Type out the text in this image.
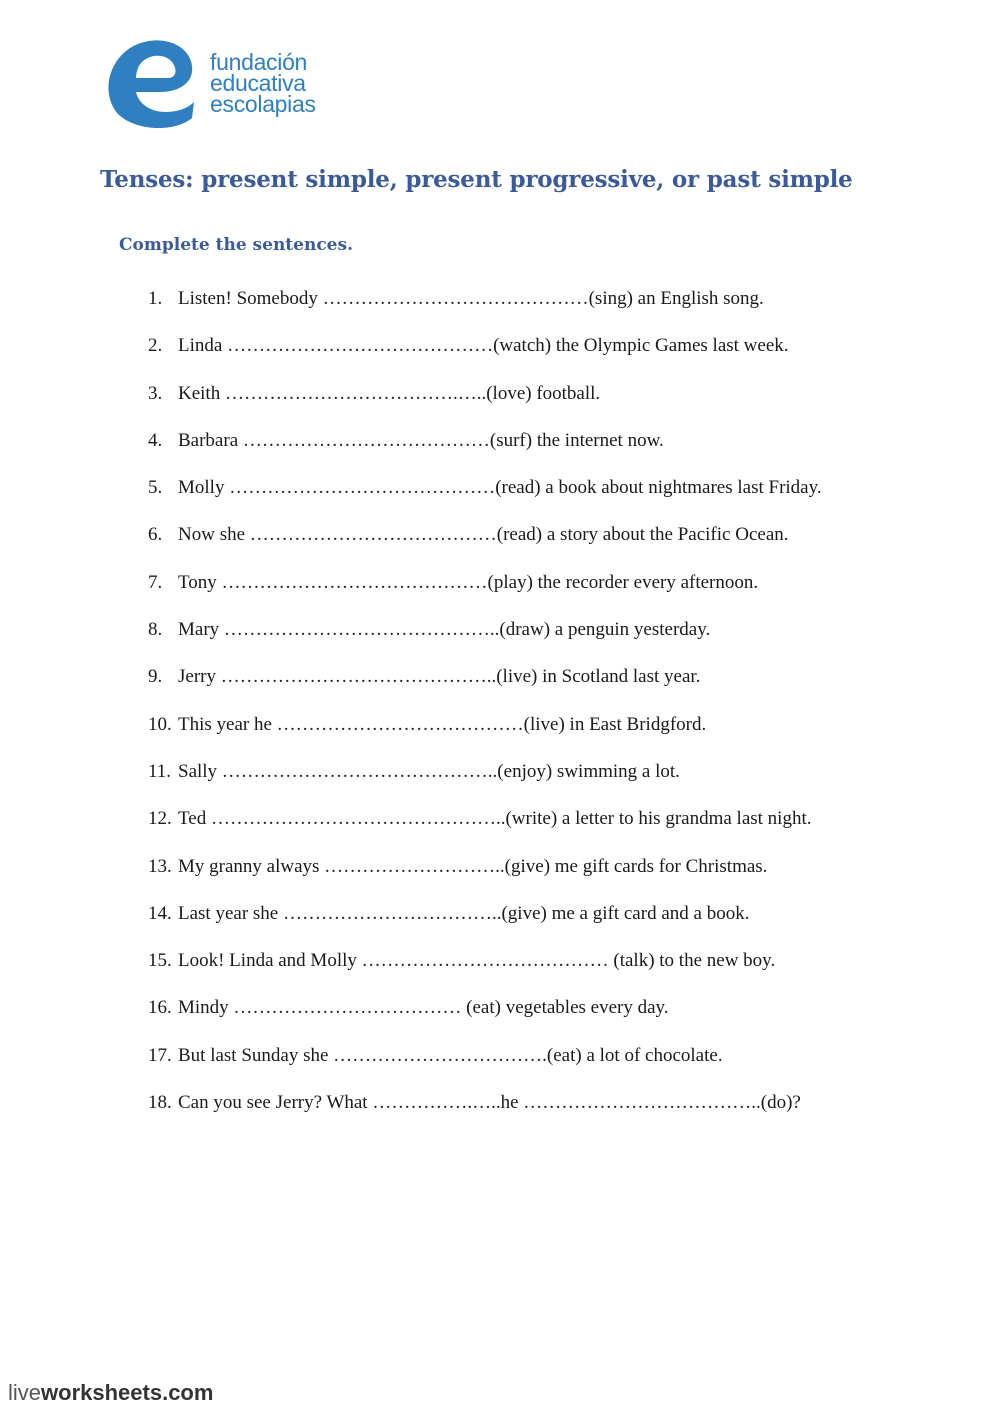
fundación
educativa
escolapias
Tenses: present simple, present progressive, or past simple
Complete the sentences.
1. Listen! Somebody ……………………………………(sing) an English song.
2. Linda ……………………………………(watch) the Olympic Games last week.
3. Keith ……………………………….…..(love) football.
4. Barbara …………………………………(surf) the internet now.
5. Molly ……………………………………(read) a book about nightmares last Friday.
6. Now she …………………………………(read) a story about the Pacific Ocean.
7. Tony ……………………………………(play) the recorder every afternoon.
8. Mary ……………………………………..(draw) a penguin yesterday.
9. Jerry ……………………………………..(live) in Scotland last year.
10. This year he …………………………………(live) in East Bridgford.
11. Sally ……………………………………..(enjoy) swimming a lot.
12. Ted ………………………………………..(write) a letter to his grandma last night.
13. My granny always ………………………..(give) me gift cards for Christmas.
14. Last year she ……………………………..(give) me a gift card and a book.
15. Look! Linda and Molly ………………………………… (talk) to the new boy.
16. Mindy ……………………………… (eat) vegetables every day.
17. But last Sunday she …………………………….(eat) a lot of chocolate.
18. Can you see Jerry? What …………….…..he ………………………………..(do)?
liveworksheets.com
